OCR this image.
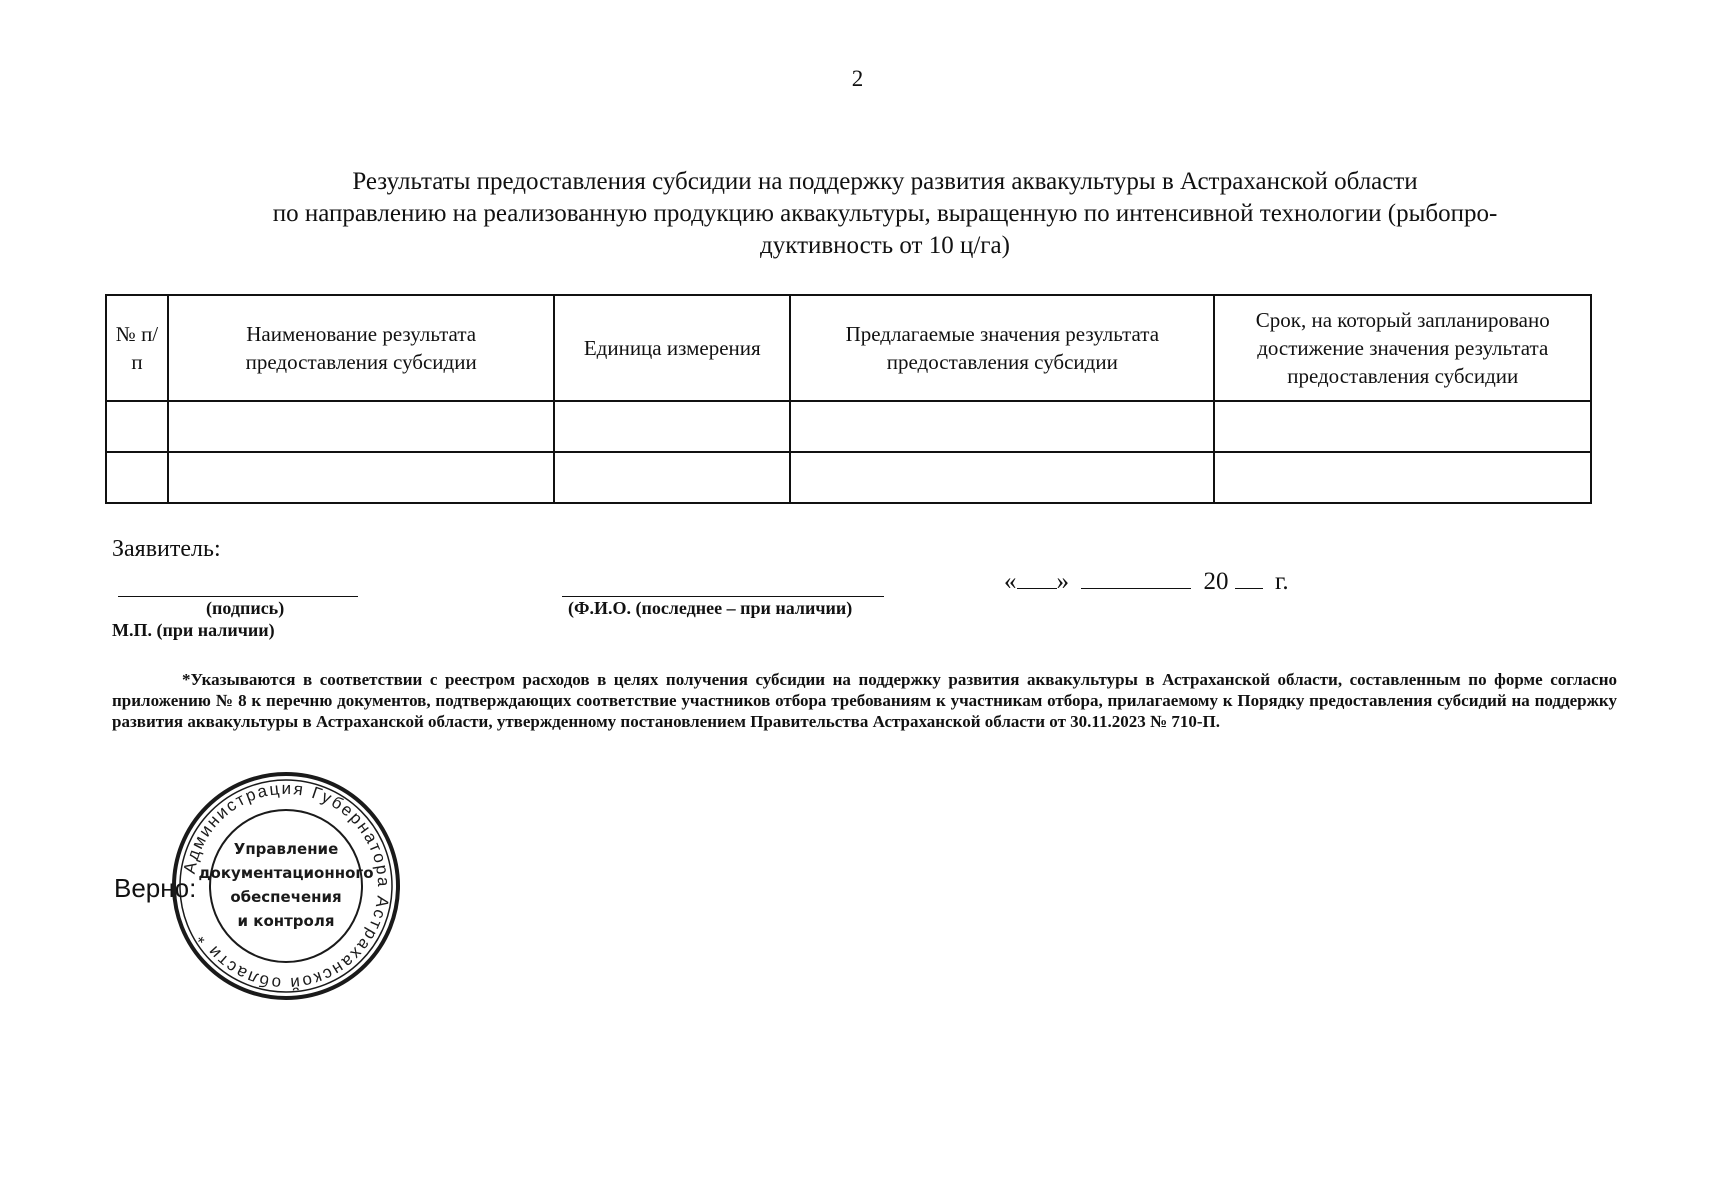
2
Результаты предоставления субсидии на поддержку развития аквакультуры в Астраханской области
по направлению на реализованную продукцию аквакультуры, выращенную по интенсивной технологии (рыбопро-
дуктивность от 10 ц/га)
№ п/п	Наименование результата предоставления субсидии	Единица измерения	Предлагаемые значения результата предоставления субсидии	Срок, на который запланировано достижение значения результата предоставления субсидии

Заявитель:
(подпись)	(Ф.И.О. (последнее – при наличии)
« »	20 г.
М.П. (при наличии)
*Указываются в соответствии с реестром расходов в целях получения субсидии на поддержку развития аквакультуры в Астраханской области, составленным по форме согласно приложению № 8 к перечню документов, подтверждающих соответствие участников отбора требованиям к участникам отбора, прилагаемому к Порядку предоставления субсидий на поддержку развития аквакультуры в Астраханской области, утвержденному постановлением Правительства Астраханской области от 30.11.2023 № 710-П.
Верно:
Администрация Губернатора Астраханской области *
Управление
документационного
обеспечения
и контроля
